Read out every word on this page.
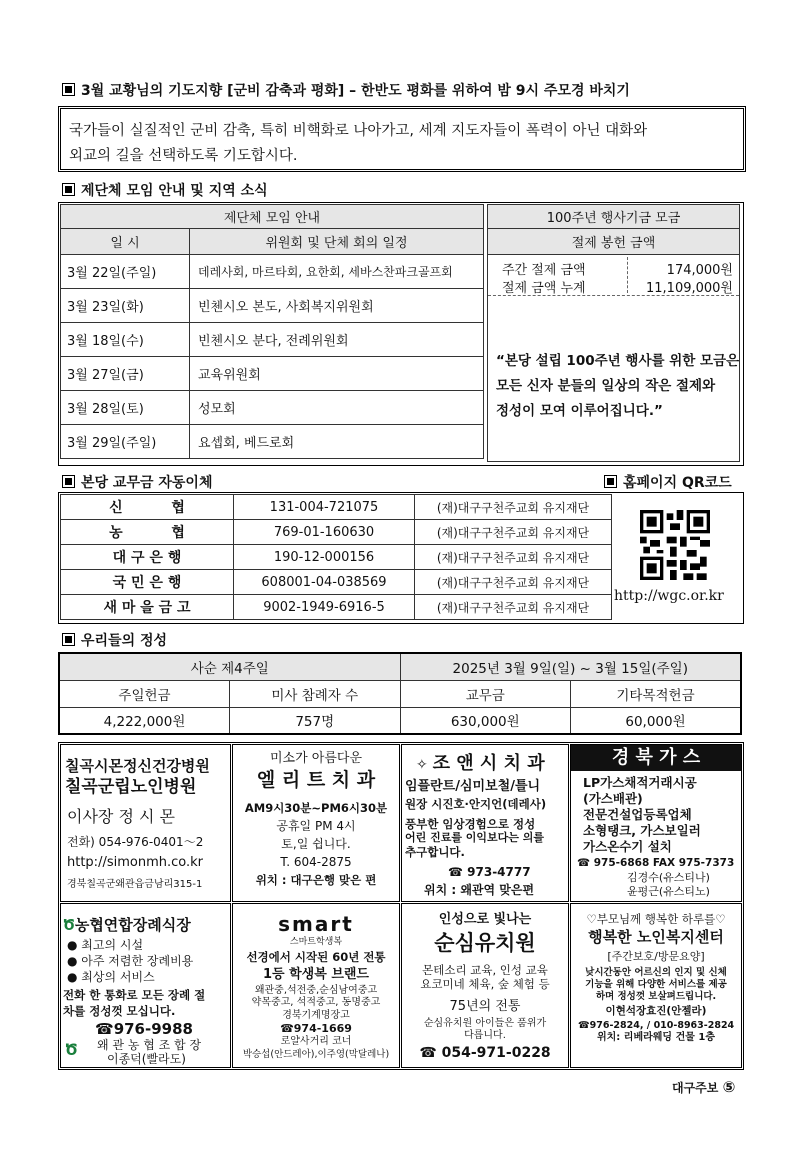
3월 교황님의 기도지향 [군비 감축과 평화] – 한반도 평화를 위하여 밤 9시 주모경 바치기
국가들이 실질적인 군비 감축, 특히 비핵화로 나아가고, 세계 지도자들이 폭력이 아닌 대화와
외교의 길을 선택하도록 기도합시다.
제단체 모임 안내 및 지역 소식
제단체 모임 안내	
일 시	위원회 및 단체 회의 일정
3월 22일(주일)	데레사회, 마르타회, 요한회, 세바스찬파크골프회
3월 23일(화)	빈첸시오 본도, 사회복지위원회
3월 18일(수)	빈첸시오 분다, 전례위원회
3월 27일(금)	교육위원회
3월 28일(토)	성모회
3월 29일(주일)	요셉회, 베드로회
100주년 행사기금 모금
절제 봉헌 금액

주간 절제 금액	174,000원
절제 금액 누계	11,109,000원
“본당 설립 100주년 행사를 위한 모금은
모든 신자 분들의 일상의 작은 절제와
정성이 모여 이루어집니다.”
본당 교무금 자동이체	홈페이지 QR코드
신          협	131-004-721075	(재)대구구천주교회 유지재단
농          협	769-01-160630	(재)대구구천주교회 유지재단
대 구 은 행	190-12-000156	(재)대구구천주교회 유지재단
국 민 은 행	608001-04-038569	(재)대구구천주교회 유지재단
새 마 을 금 고	9002-1949-6916-5	(재)대구구천주교회 유지재단
http://wgc.or.kr
우리들의 정성
사순 제4주일		2025년 3월 9일(일) ~ 3월 15일(주일)	
주일헌금	미사 참례자 수	교무금	기타목적헌금
4,222,000원	757명	630,000원	60,000원
칠곡시몬정신건강병원
칠곡군립노인병원
이사장 정 시 몬
전화) 054-976-0401～2
http://simonmh.co.kr
경북칠곡군왜관읍금남리315-1
미소가 아름다운
엘 리 트 치 과
AM9시30분~PM6시30분
공휴일 PM 4시
토,일 쉽니다.
T. 604-2875
위치 : 대구은행 맞은 편
✧ 조 앤 시 치 과
임플란트/심미보철/틀니
원장 시진호·안지언(데레사)
풍부한 임상경험으로 정성
어린 진료를 이익보다는 의를
추구합니다.
☎ 973-4777
위치 : 왜관역 맞은편
경 북 가 스
LP가스채적거래시공
(가스배관)
전문건설업등록업체
소형탱크, 가스보일러
가스온수기 설치
☎ 975-6868 FAX 975-7373
김경수(유스티나)
윤평근(유스티노)
Ծ농협연합장례식장
● 최고의 시설
● 아주 저렴한 장례비용
● 최상의 서비스
전화 한 통화로 모든 장례 절
차를 정성껏 모십니다.
☎ 976-9988
Ծ 왜 관 농 협 조 합 장
이종덕(빨라도)
smart
스마트학생복
선경에서 시작된 60년 전통
1등 학생복 브랜드
왜관중,석전중,순심남여중고
약목중고, 석적중고, 동명중고
경북기계명장고
☎ 974-1669
로얄사거리 코너
박승섭(안드레아),이주영(막달레나)
인성으로 빛나는
순심유치원
몬테소리 교육, 인성 교육
요코미네 체육, 숲 체험 등
75년의 전통
순심유치원 아이들은 품위가
다릅니다.
☎ 054-971-0228
♡부모님께 행복한 하루를♡
행복한 노인복지센터
[주간보호/방문요양]
낮시간동안 어르신의 인지 및 신체
기능을 위해 다양한 서비스를 제공
하며 정성껏 보살펴드립니다.
이현석장효진(안젤라)
☎ 976-2824, / 010-8963-2824
위치: 리베라웨딩 건물 1층
대구주보 ⑤
